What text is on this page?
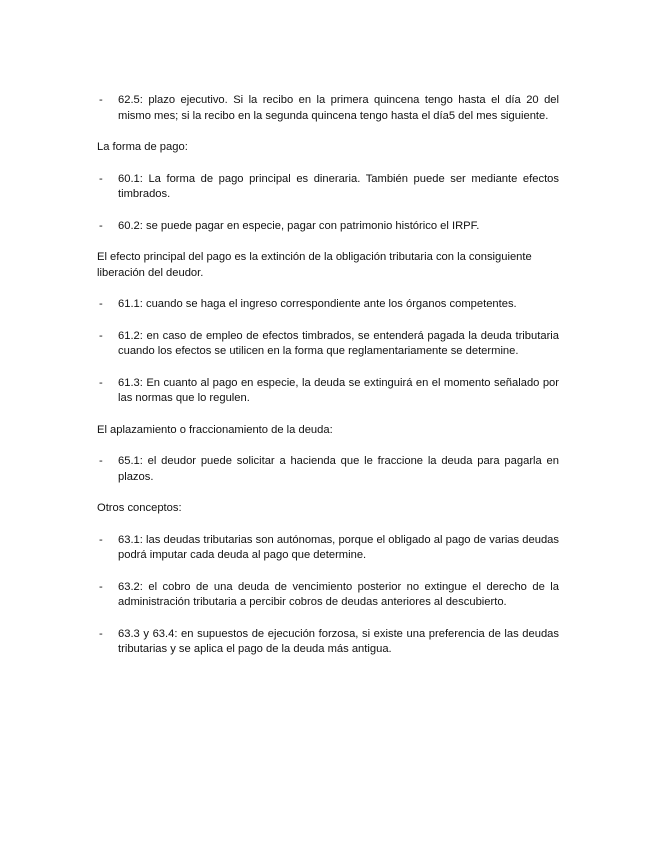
-	62.5: plazo ejecutivo. Si la recibo en la primera quincena tengo hasta el día 20 del mismo mes; si la recibo en la segunda quincena tengo hasta el día5 del mes siguiente.

La forma de pago:

-	60.1: La forma de pago principal es dineraria. También puede ser mediante efectos timbrados.
-	60.2: se puede pagar en especie, pagar con patrimonio histórico el IRPF.

El efecto principal del pago es la extinción de la obligación tributaria con la consiguiente liberación del deudor.

-	61.1: cuando se haga el ingreso correspondiente ante los órganos competentes.
-	61.2: en caso de empleo de efectos timbrados, se entenderá pagada la deuda tributaria cuando los efectos se utilicen en la forma que reglamentariamente se determine.
-	61.3: En cuanto al pago en especie, la deuda se extinguirá en el momento señalado por las normas que lo regulen.

El aplazamiento o fraccionamiento de la deuda:

-	65.1: el deudor puede solicitar a hacienda que le fraccione la deuda para pagarla en plazos.

Otros conceptos:

-	63.1: las deudas tributarias son autónomas, porque el obligado al pago de varias deudas podrá imputar cada deuda al pago que determine.
-	63.2: el cobro de una deuda de vencimiento posterior no extingue el derecho de la administración tributaria a percibir cobros de deudas anteriores al descubierto.
-	63.3 y 63.4: en supuestos de ejecución forzosa, si existe una preferencia de las deudas tributarias y se aplica el pago de la deuda más antigua.
